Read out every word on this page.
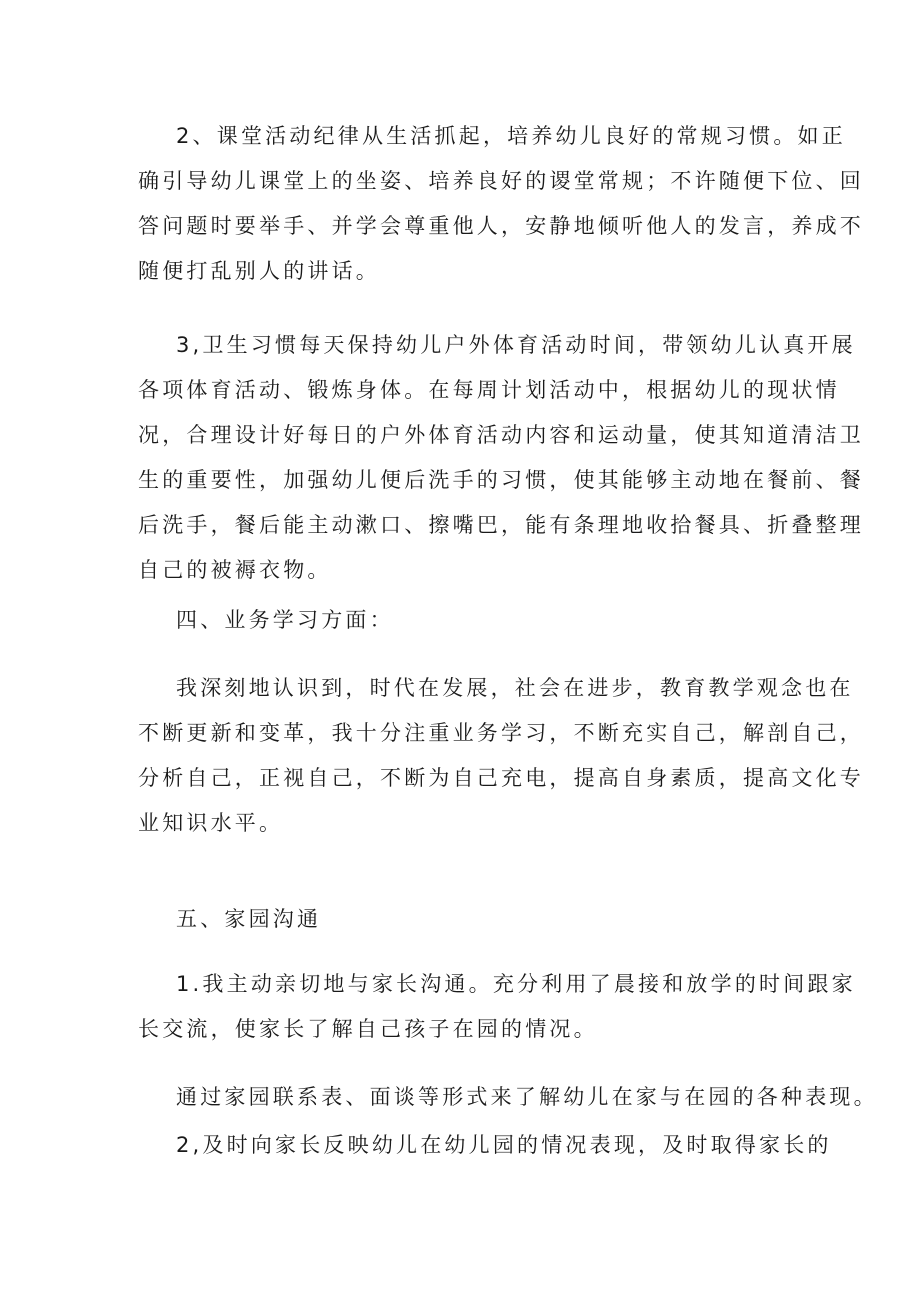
2、课堂活动纪律从生活抓起，培养幼儿良好的常规习惯。如正
确引导幼儿课堂上的坐姿、培养良好的谡堂常规；不许随便下位、回
答问题时要举手、并学会尊重他人，安静地倾听他人的发言，养成不
随便打乱别人的讲话。

3,卫生习惯每天保持幼儿户外体育活动时间，带领幼儿认真开展
各项体育活动、锻炼身体。在每周计划活动中，根据幼儿的现状情
况，合理设计好每日的户外体育活动内容和运动量，使其知道清洁卫
生的重要性，加强幼儿便后洗手的习惯，使其能够主动地在餐前、餐
后洗手，餐后能主动漱口、擦嘴巴，能有条理地收拾餐具、折叠整理
自己的被褥衣物。

四、业务学习方面：

我深刻地认识到，时代在发展，社会在进步，教育教学观念也在
不断更新和变革，我十分注重业务学习，不断充实自己，解剖自己，
分析自己，正视自己，不断为自己充电，提高自身素质，提高文化专
业知识水平。

五、家园沟通

1.我主动亲切地与家长沟通。充分利用了晨接和放学的时间跟家
长交流，使家长了解自己孩子在园的情况。

通过家园联系表、面谈等形式来了解幼儿在家与在园的各种表现。

2,及时向家长反映幼儿在幼儿园的情况表现，及时取得家长的
